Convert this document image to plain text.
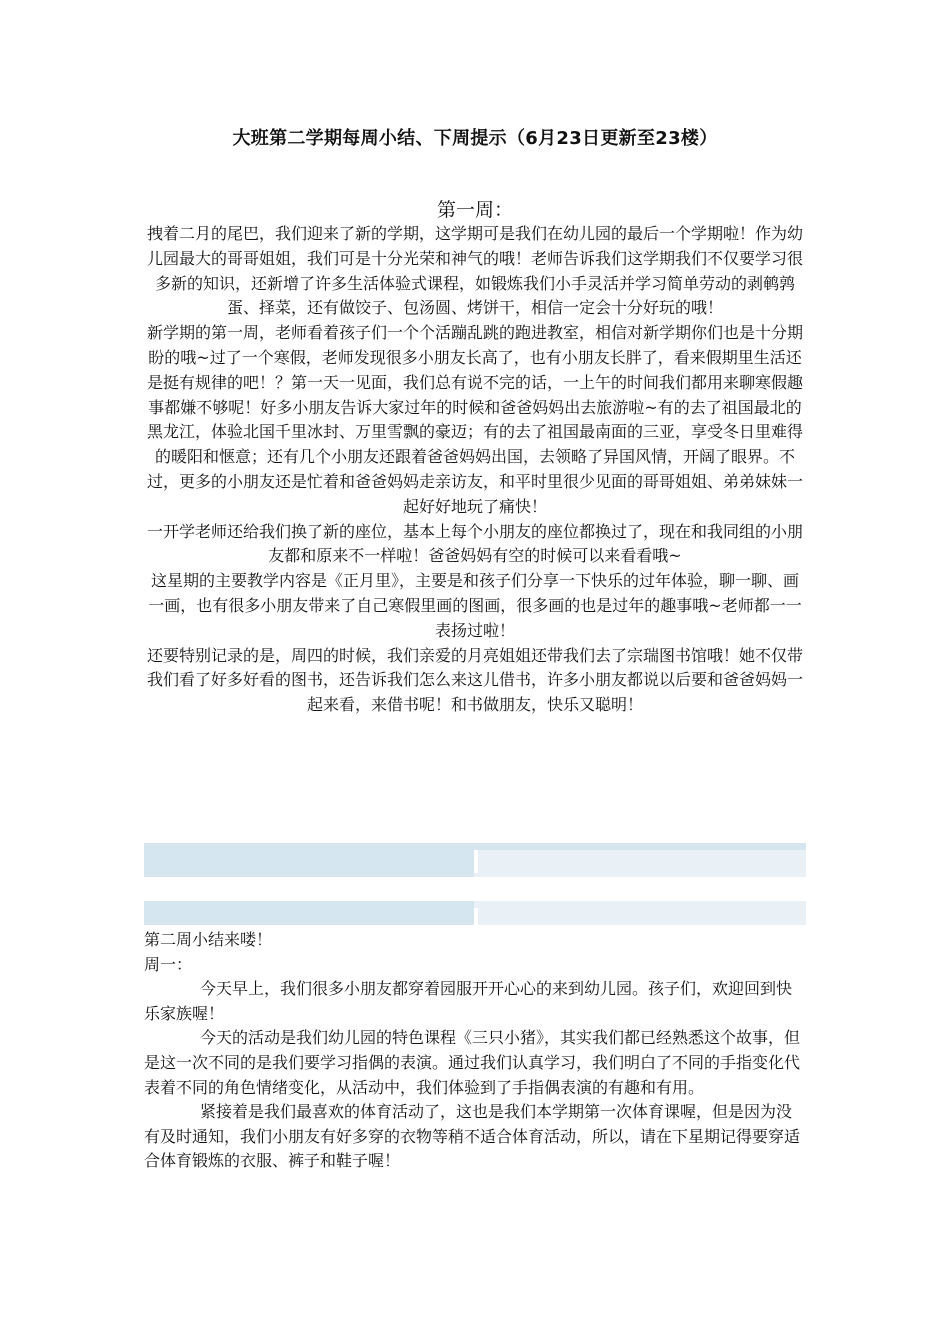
大班第二学期每周小结、下周提示（6月23日更新至23楼）
第一周：

拽着二月的尾巴，我们迎来了新的学期，这学期可是我们在幼儿园的最后一个学期啦！作为幼儿园最大的哥哥姐姐，我们可是十分光荣和神气的哦！老师告诉我们这学期我们不仅要学习很多新的知识，还新增了许多生活体验式课程，如锻炼我们小手灵活并学习简单劳动的剥鹌鹑蛋、择菜，还有做饺子、包汤圆、烤饼干，相信一定会十分好玩的哦！

新学期的第一周，老师看着孩子们一个个活蹦乱跳的跑进教室，相信对新学期你们也是十分期盼的哦~过了一个寒假，老师发现很多小朋友长高了，也有小朋友长胖了，看来假期里生活还是挺有规律的吧！？第一天一见面，我们总有说不完的话，一上午的时间我们都用来聊寒假趣事都嫌不够呢！好多小朋友告诉大家过年的时候和爸爸妈妈出去旅游啦~有的去了祖国最北的黑龙江，体验北国千里冰封、万里雪飘的豪迈；有的去了祖国最南面的三亚，享受冬日里难得的暖阳和惬意；还有几个小朋友还跟着爸爸妈妈出国，去领略了异国风情，开阔了眼界。不过，更多的小朋友还是忙着和爸爸妈妈走亲访友，和平时里很少见面的哥哥姐姐、弟弟妹妹一起好好地玩了痛快！

一开学老师还给我们换了新的座位，基本上每个小朋友的座位都换过了，现在和我同组的小朋友都和原来不一样啦！爸爸妈妈有空的时候可以来看看哦~

这星期的主要教学内容是《正月里》，主要是和孩子们分享一下快乐的过年体验，聊一聊、画一画，也有很多小朋友带来了自己寒假里画的图画，很多画的也是过年的趣事哦~老师都一一表扬过啦！

还要特别记录的是，周四的时候，我们亲爱的月亮姐姐还带我们去了宗瑞图书馆哦！她不仅带我们看了好多好看的图书，还告诉我们怎么来这儿借书，许多小朋友都说以后要和爸爸妈妈一起来看，来借书呢！和书做朋友，快乐又聪明！

第二周小结来喽！

周一：

今天早上，我们很多小朋友都穿着园服开开心心的来到幼儿园。孩子们，欢迎回到快乐家族喔！

今天的活动是我们幼儿园的特色课程《三只小猪》，其实我们都已经熟悉这个故事，但是这一次不同的是我们要学习指偶的表演。通过我们认真学习，我们明白了不同的手指变化代表着不同的角色情绪变化，从活动中，我们体验到了手指偶表演的有趣和有用。

紧接着是我们最喜欢的体育活动了，这也是我们本学期第一次体育课喔，但是因为没有及时通知，我们小朋友有好多穿的衣物等稍不适合体育活动，所以，请在下星期记得要穿适合体育锻炼的衣服、裤子和鞋子喔！
